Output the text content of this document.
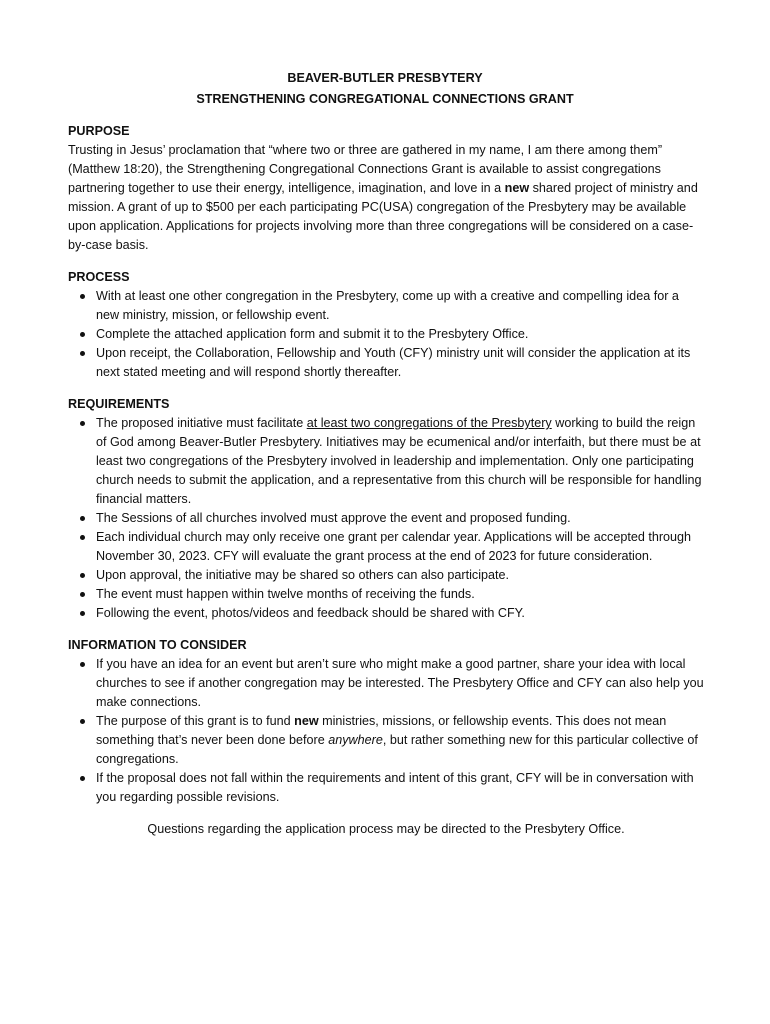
BEAVER-BUTLER PRESBYTERY
STRENGTHENING CONGREGATIONAL CONNECTIONS GRANT

PURPOSE

Trusting in Jesus’ proclamation that “where two or three are gathered in my name, I am there among them” (Matthew 18:20), the Strengthening Congregational Connections Grant is available to assist congregations partnering together to use their energy, intelligence, imagination, and love in a new shared project of ministry and mission. A grant of up to $500 per each participating PC(USA) congregation of the Presbytery may be available upon application. Applications for projects involving more than three congregations will be considered on a case-by-case basis.

PROCESS

With at least one other congregation in the Presbytery, come up with a creative and compelling idea for a new ministry, mission, or fellowship event.
Complete the attached application form and submit it to the Presbytery Office.
Upon receipt, the Collaboration, Fellowship and Youth (CFY) ministry unit will consider the application at its next stated meeting and will respond shortly thereafter.

REQUIREMENTS

The proposed initiative must facilitate at least two congregations of the Presbytery working to build the reign of God among Beaver-Butler Presbytery. Initiatives may be ecumenical and/or interfaith, but there must be at least two congregations of the Presbytery involved in leadership and implementation. Only one participating church needs to submit the application, and a representative from this church will be responsible for handling financial matters.
The Sessions of all churches involved must approve the event and proposed funding.
Each individual church may only receive one grant per calendar year. Applications will be accepted through November 30, 2023. CFY will evaluate the grant process at the end of 2023 for future consideration.
Upon approval, the initiative may be shared so others can also participate.
The event must happen within twelve months of receiving the funds.
Following the event, photos/videos and feedback should be shared with CFY.

INFORMATION TO CONSIDER

If you have an idea for an event but aren’t sure who might make a good partner, share your idea with local churches to see if another congregation may be interested. The Presbytery Office and CFY can also help you make connections.
The purpose of this grant is to fund new ministries, missions, or fellowship events. This does not mean something that’s never been done before anywhere, but rather something new for this particular collective of congregations.
If the proposal does not fall within the requirements and intent of this grant, CFY will be in conversation with you regarding possible revisions.

Questions regarding the application process may be directed to the Presbytery Office.
